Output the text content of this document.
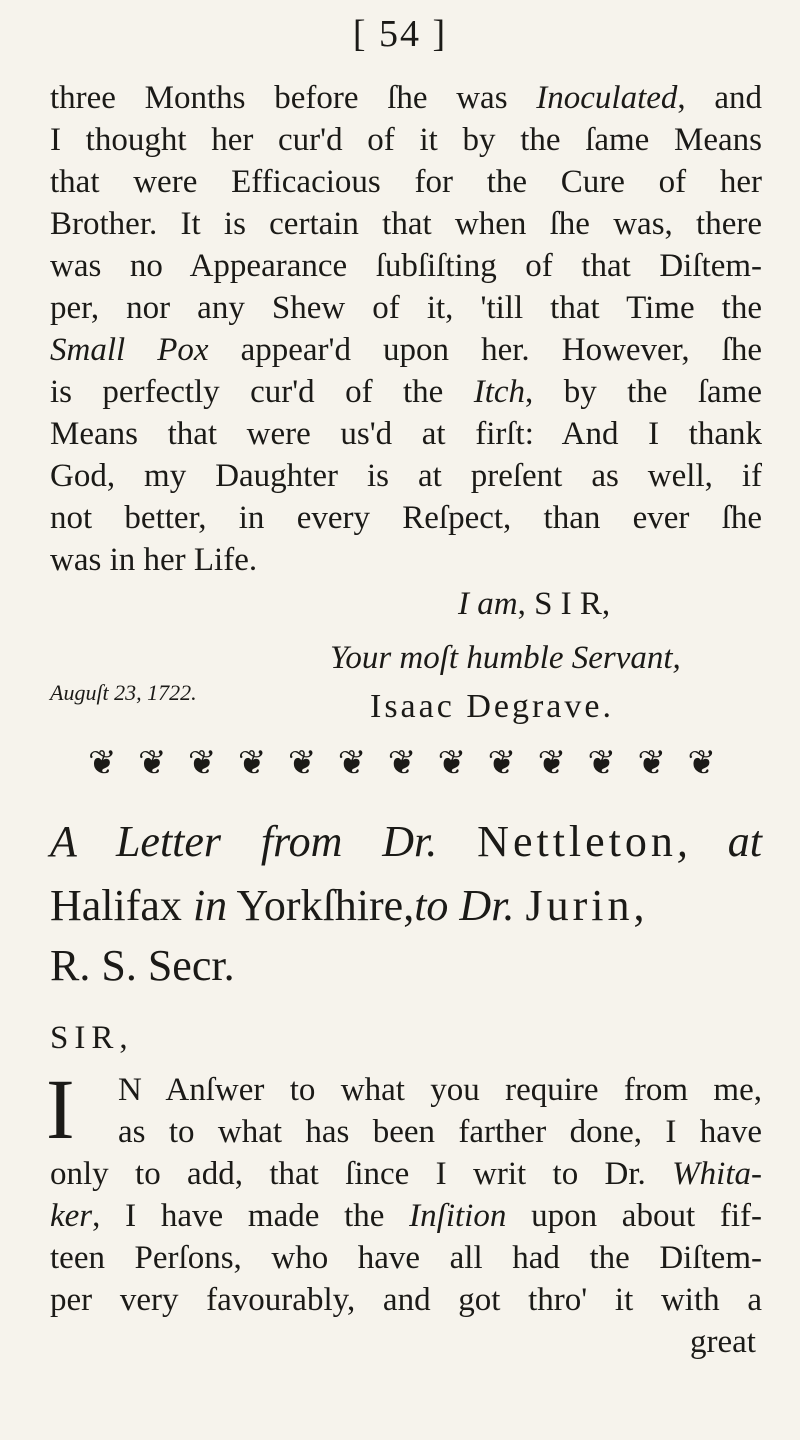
[ 54 ]
three Months before ſhe was Inoculated, and
I thought her cur'd of it by the ſame Means
that were Efficacious for the Cure of her
Brother. It is certain that when ſhe was, there
was no Appearance ſubſiſting of that Diſtem-
per, nor any Shew of it, 'till that Time the
Small Pox appear'd upon her. However, ſhe
is perfectly cur'd of the Itch, by the ſame
Means that were us'd at firſt: And I thank
God, my Daughter is at preſent as well, if
not better, in every Reſpect, than ever ſhe
was in her Life.
I am, S I R,
Your moſt humble Servant,
Auguſt 23, 1722.	Isaac Degrave.
❦ ❦ ❦ ❦ ❦ ❦ ❦ ❦ ❦ ❦ ❦ ❦ ❦
A Letter from Dr. Nettleton, at
Halifax in Yorkſhire,to Dr. Jurin,
R. S. Secr.
SIR,
I N Anſwer to what you require from me,
as to what has been farther done, I have
only to add, that ſince I writ to Dr. Whita-
ker, I have made the Inſition upon about fif-
teen Perſons, who have all had the Diſtem-
per very favourably, and got thro' it with a
great
